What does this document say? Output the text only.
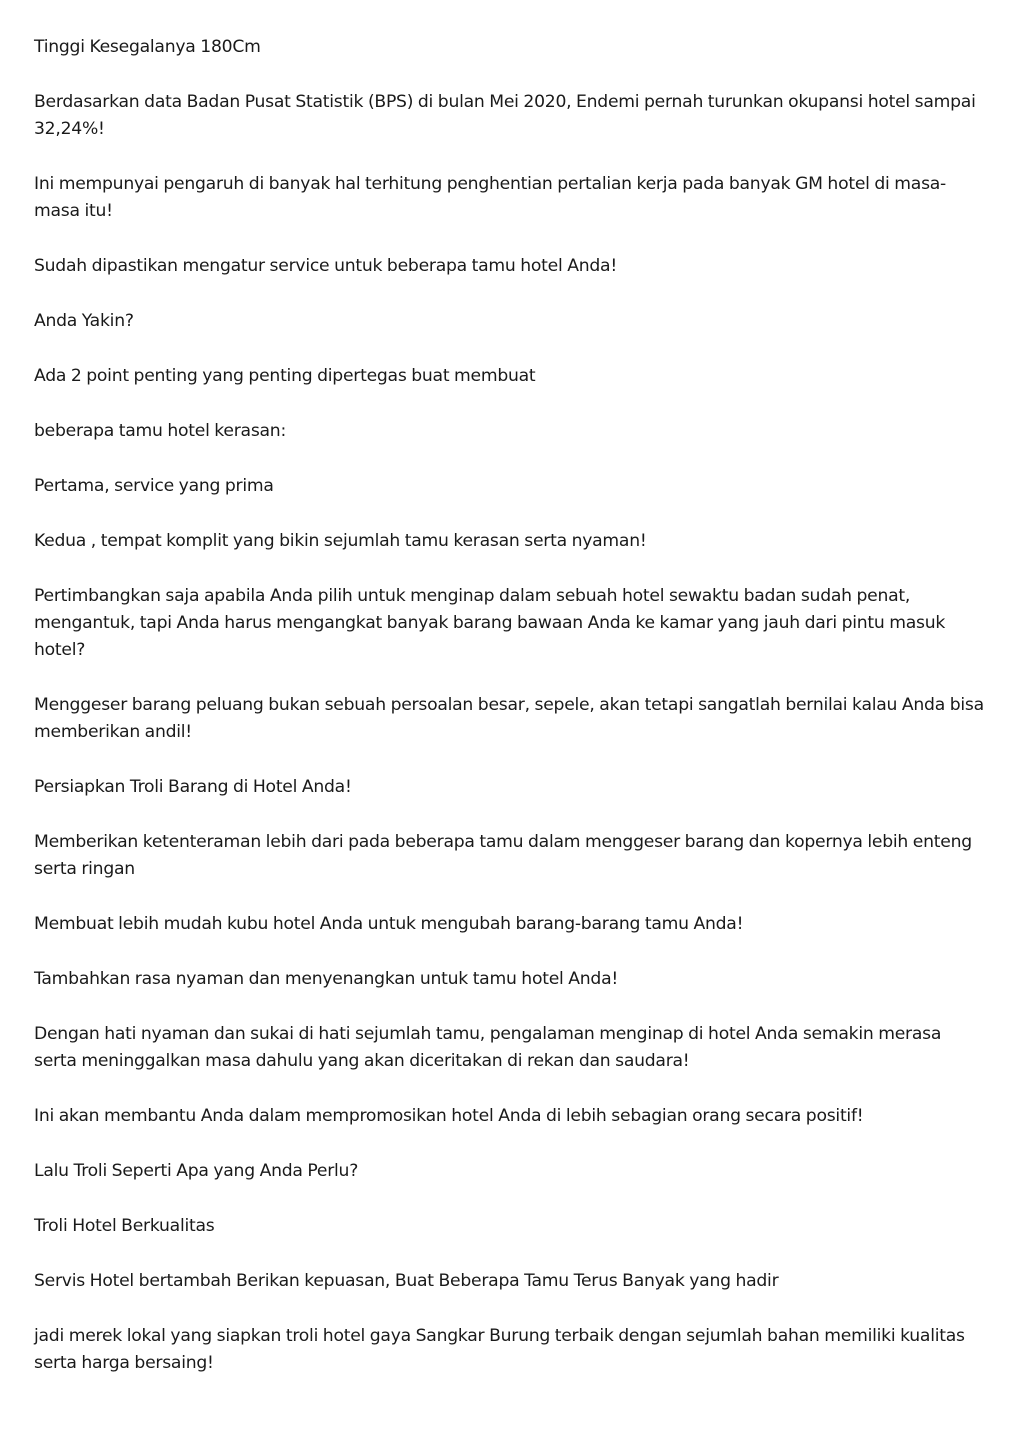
Tinggi Kesegalanya 180Cm

Berdasarkan data Badan Pusat Statistik (BPS) di bulan Mei 2020, Endemi pernah turunkan okupansi hotel sampai 32,24%!

Ini mempunyai pengaruh di banyak hal terhitung penghentian pertalian kerja pada banyak GM hotel di masa-masa itu!

Sudah dipastikan mengatur service untuk beberapa tamu hotel Anda!

Anda Yakin?

Ada 2 point penting yang penting dipertegas buat membuat

beberapa tamu hotel kerasan:

Pertama, service yang prima

Kedua , tempat komplit yang bikin sejumlah tamu kerasan serta nyaman!

Pertimbangkan saja apabila Anda pilih untuk menginap dalam sebuah hotel sewaktu badan sudah penat, mengantuk, tapi Anda harus mengangkat banyak barang bawaan Anda ke kamar yang jauh dari pintu masuk hotel?

Menggeser barang peluang bukan sebuah persoalan besar, sepele, akan tetapi sangatlah bernilai kalau Anda bisa memberikan andil!

Persiapkan Troli Barang di Hotel Anda!

Memberikan ketenteraman lebih dari pada beberapa tamu dalam menggeser barang dan kopernya lebih enteng serta ringan

Membuat lebih mudah kubu hotel Anda untuk mengubah barang-barang tamu Anda!

Tambahkan rasa nyaman dan menyenangkan untuk tamu hotel Anda!

Dengan hati nyaman dan sukai di hati sejumlah tamu, pengalaman menginap di hotel Anda semakin merasa serta meninggalkan masa dahulu yang akan diceritakan di rekan dan saudara!

Ini akan membantu Anda dalam mempromosikan hotel Anda di lebih sebagian orang secara positif!

Lalu Troli Seperti Apa yang Anda Perlu?

Troli Hotel Berkualitas

Servis Hotel bertambah Berikan kepuasan, Buat Beberapa Tamu Terus Banyak yang hadir

jadi merek lokal yang siapkan troli hotel gaya Sangkar Burung terbaik dengan sejumlah bahan memiliki kualitas serta harga bersaing!
